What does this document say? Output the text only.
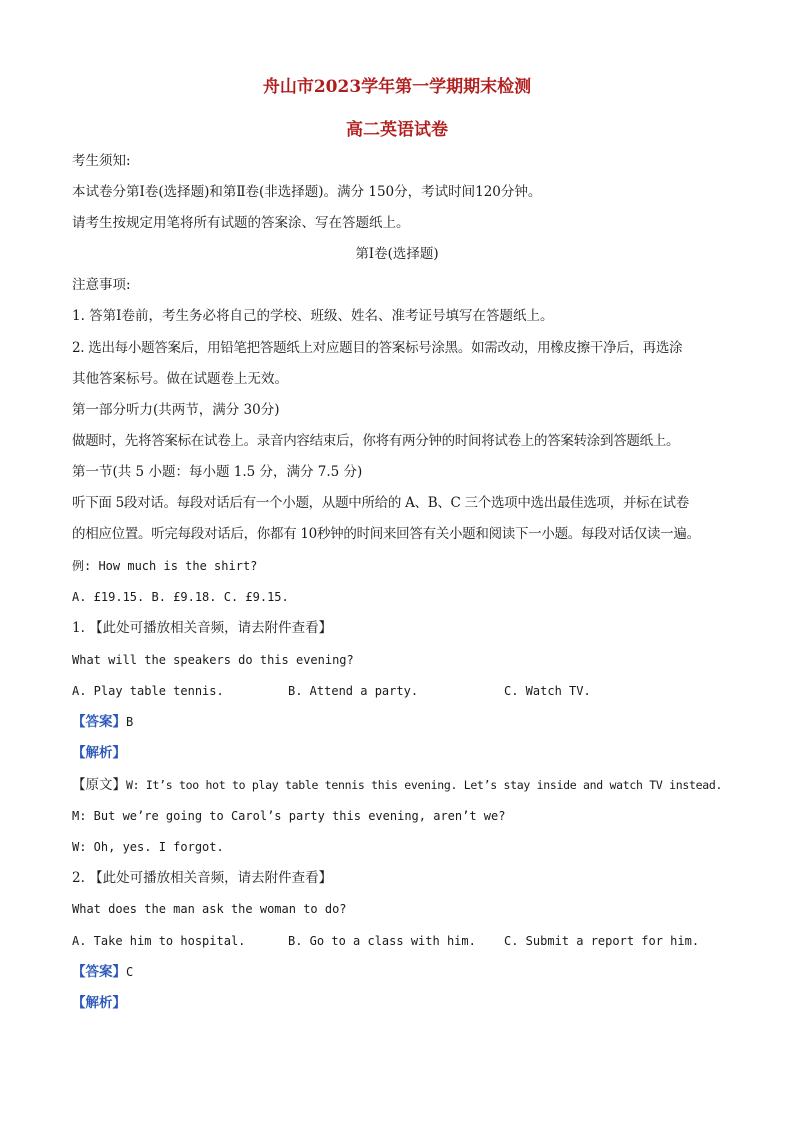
舟山市2023学年第一学期期末检测
高二英语试卷
考生须知:
本试卷分第Ⅰ卷(选择题)和第Ⅱ卷(非选择题)。满分 150分，考试时间120分钟。
请考生按规定用笔将所有试题的答案涂、写在答题纸上。
第Ⅰ卷(选择题)
注意事项:
1. 答第Ⅰ卷前，考生务必将自己的学校、班级、姓名、准考证号填写在答题纸上。
2. 选出每小题答案后，用铅笔把答题纸上对应题目的答案标号涂黑。如需改动，用橡皮擦干净后，再选涂
其他答案标号。做在试题卷上无效。
第一部分听力(共两节，满分 30分)
做题时，先将答案标在试卷上。录音内容结束后，你将有两分钟的时间将试卷上的答案转涂到答题纸上。
第一节(共 5 小题：每小题 1.5 分，满分 7.5 分)
听下面 5段对话。每段对话后有一个小题，从题中所给的 A、B、C 三个选项中选出最佳选项，并标在试卷
的相应位置。听完每段对话后，你都有 10秒钟的时间来回答有关小题和阅读下一小题。每段对话仅读一遍。
例: How much is the shirt?
A. £19.15. B. £9.18. C. £9.15.
1. 【此处可播放相关音频，请去附件查看】
What will the speakers do this evening?
A. Play table tennis.	B. Attend a party.	C. Watch TV.
【答案】B
【解析】
【原文】W: It’s too hot to play table tennis this evening. Let’s stay inside and watch TV instead.
M: But we’re going to Carol’s party this evening, aren’t we?
W: Oh, yes. I forgot.
2. 【此处可播放相关音频，请去附件查看】
What does the man ask the woman to do?
A. Take him to hospital.	B. Go to a class with him. C. Submit a report for him.
【答案】C
【解析】
